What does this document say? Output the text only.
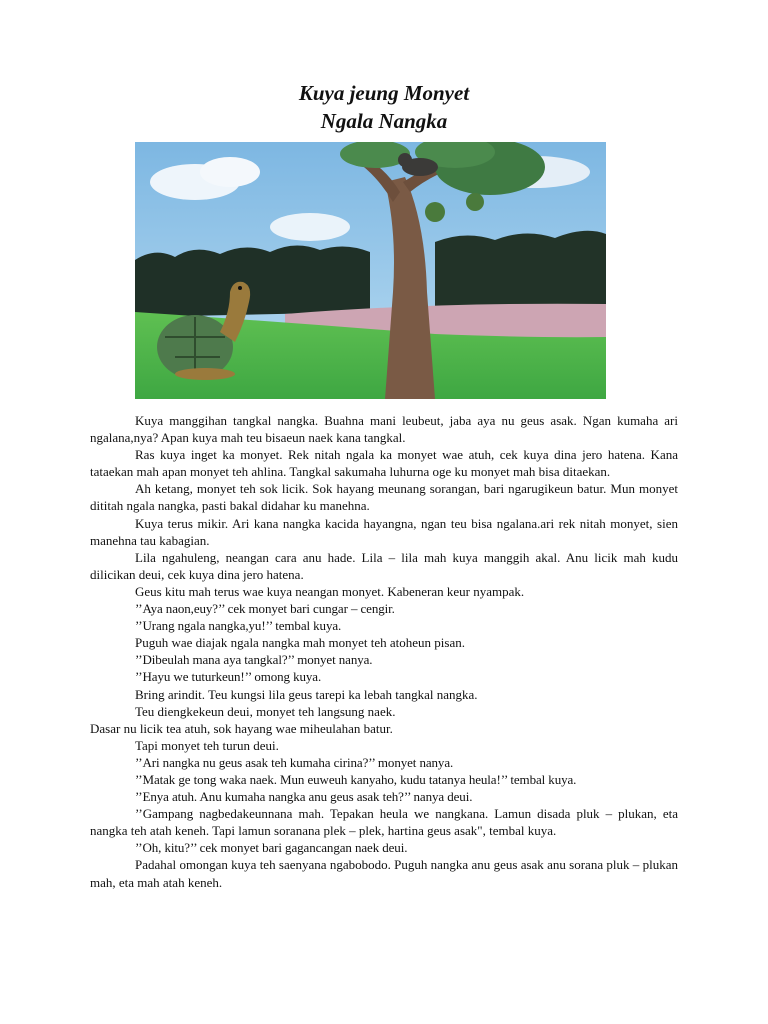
Kuya jeung Monyet
Ngala Nangka

Kuya manggihan tangkal nangka. Buahna mani leubeut, jaba aya nu geus asak. Ngan kumaha ari ngalana,nya? Apan kuya mah teu bisaeun naek kana tangkal.

Ras kuya inget ka monyet. Rek nitah ngala ka monyet wae atuh, cek kuya dina jero hatena. Kana tataekan mah apan monyet teh ahlina. Tangkal sakumaha luhurna oge ku monyet mah bisa ditaekan.

Ah ketang, monyet teh sok licik. Sok hayang meunang sorangan, bari ngarugikeun batur. Mun monyet dititah ngala nangka, pasti bakal didahar ku manehna.

Kuya terus mikir. Ari kana nangka kacida hayangna, ngan teu bisa ngalana.ari rek nitah monyet, sien manehna tau kabagian.

Lila ngahuleng, neangan cara anu hade. Lila – lila mah kuya manggih akal. Anu licik mah kudu dilicikan deui, cek kuya dina jero hatena.

Geus kitu mah terus wae kuya neangan monyet. Kabeneran keur nyampak.

’’Aya naon,euy?’’ cek monyet bari cungar – cengir.

’’Urang ngala nangka,yu!’’ tembal kuya.

Puguh wae diajak ngala nangka mah monyet teh atoheun pisan.

’’Dibeulah mana aya tangkal?’’ monyet nanya.

’’Hayu we tuturkeun!’’ omong kuya.

Bring arindit. Teu kungsi lila geus tarepi ka lebah tangkal nangka.

Teu diengkekeun deui, monyet teh langsung naek.

Dasar nu licik tea atuh, sok hayang wae miheulahan batur.

Tapi monyet teh turun deui.

’’Ari nangka nu geus asak teh kumaha cirina?’’ monyet nanya.

’’Matak ge tong waka naek. Mun euweuh kanyaho, kudu tatanya heula!’’ tembal kuya.

’’Enya atuh. Anu kumaha nangka anu geus asak teh?’’ nanya deui.

’’Gampang nagbedakeunnana mah. Tepakan heula we nangkana. Lamun disada pluk – plukan, eta nangka teh atah keneh. Tapi lamun soranana plek – plek, hartina geus asak", tembal kuya.

’’Oh, kitu?’’ cek monyet bari gagancangan naek deui.

Padahal omongan kuya teh saenyana ngabobodo. Puguh nangka anu geus asak anu sorana pluk – plukan mah, eta mah atah keneh.
